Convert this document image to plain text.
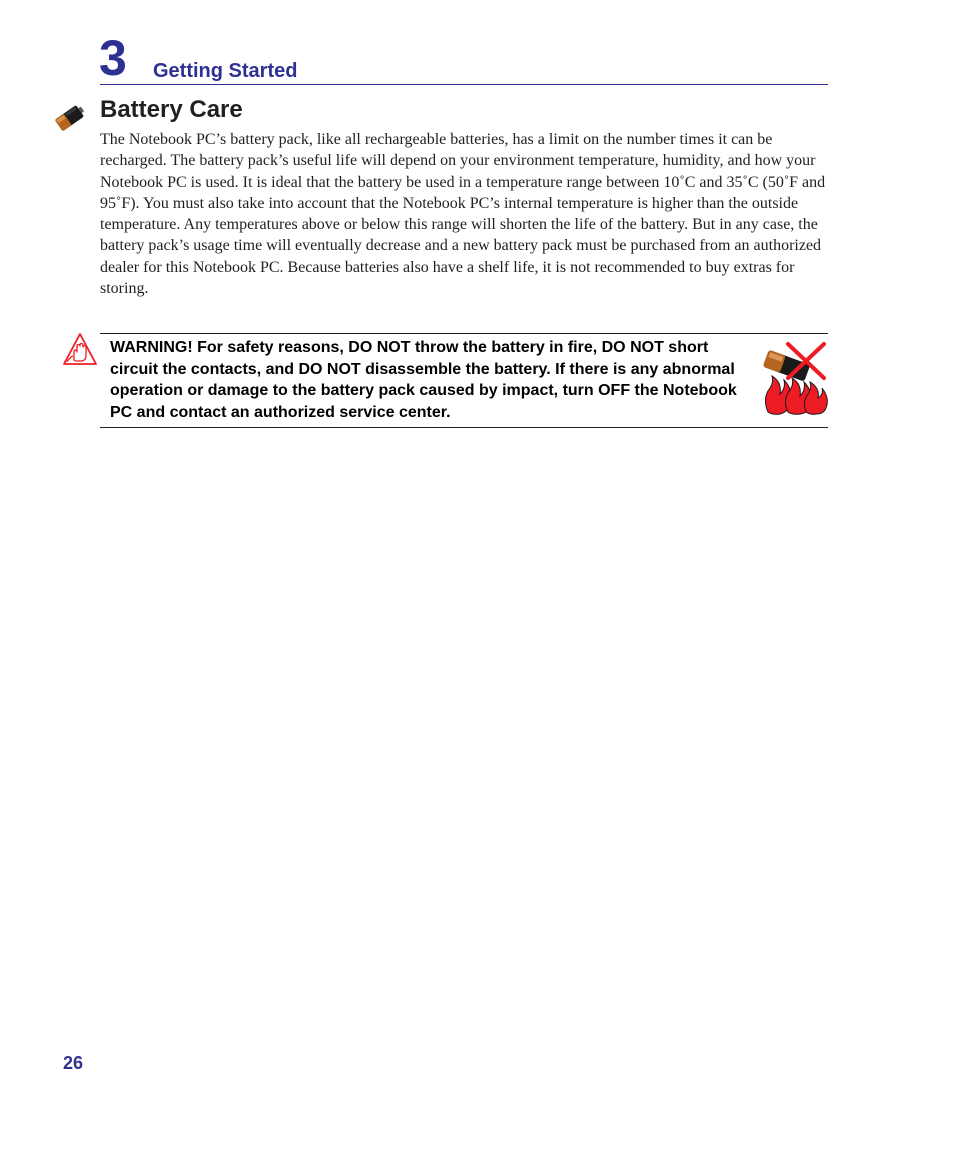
3 Getting Started
Battery Care

The Notebook PC’s battery pack, like all rechargeable batteries, has a limit on the number times it can be recharged. The battery pack’s useful life will depend on your environment temperature, humidity, and how your Notebook PC is used. It is ideal that the battery be used in a temperature range between 10˚C and 35˚C (50˚F and 95˚F). You must also take into account that the Notebook PC’s internal temperature is higher than the outside temperature. Any temperatures above or below this range will shorten the life of the battery. But in any case, the battery pack’s usage time will eventually decrease and a new battery pack must be purchased from an authorized dealer for this Notebook PC. Because batteries also have a shelf life, it is not recommended to buy extras for storing.

WARNING! For safety reasons, DO NOT throw the battery in fire, DO NOT short circuit the contacts, and DO NOT disassemble the battery. If there is any abnormal operation or damage to the battery pack caused by impact, turn OFF the Notebook PC and contact an authorized service center.

26
